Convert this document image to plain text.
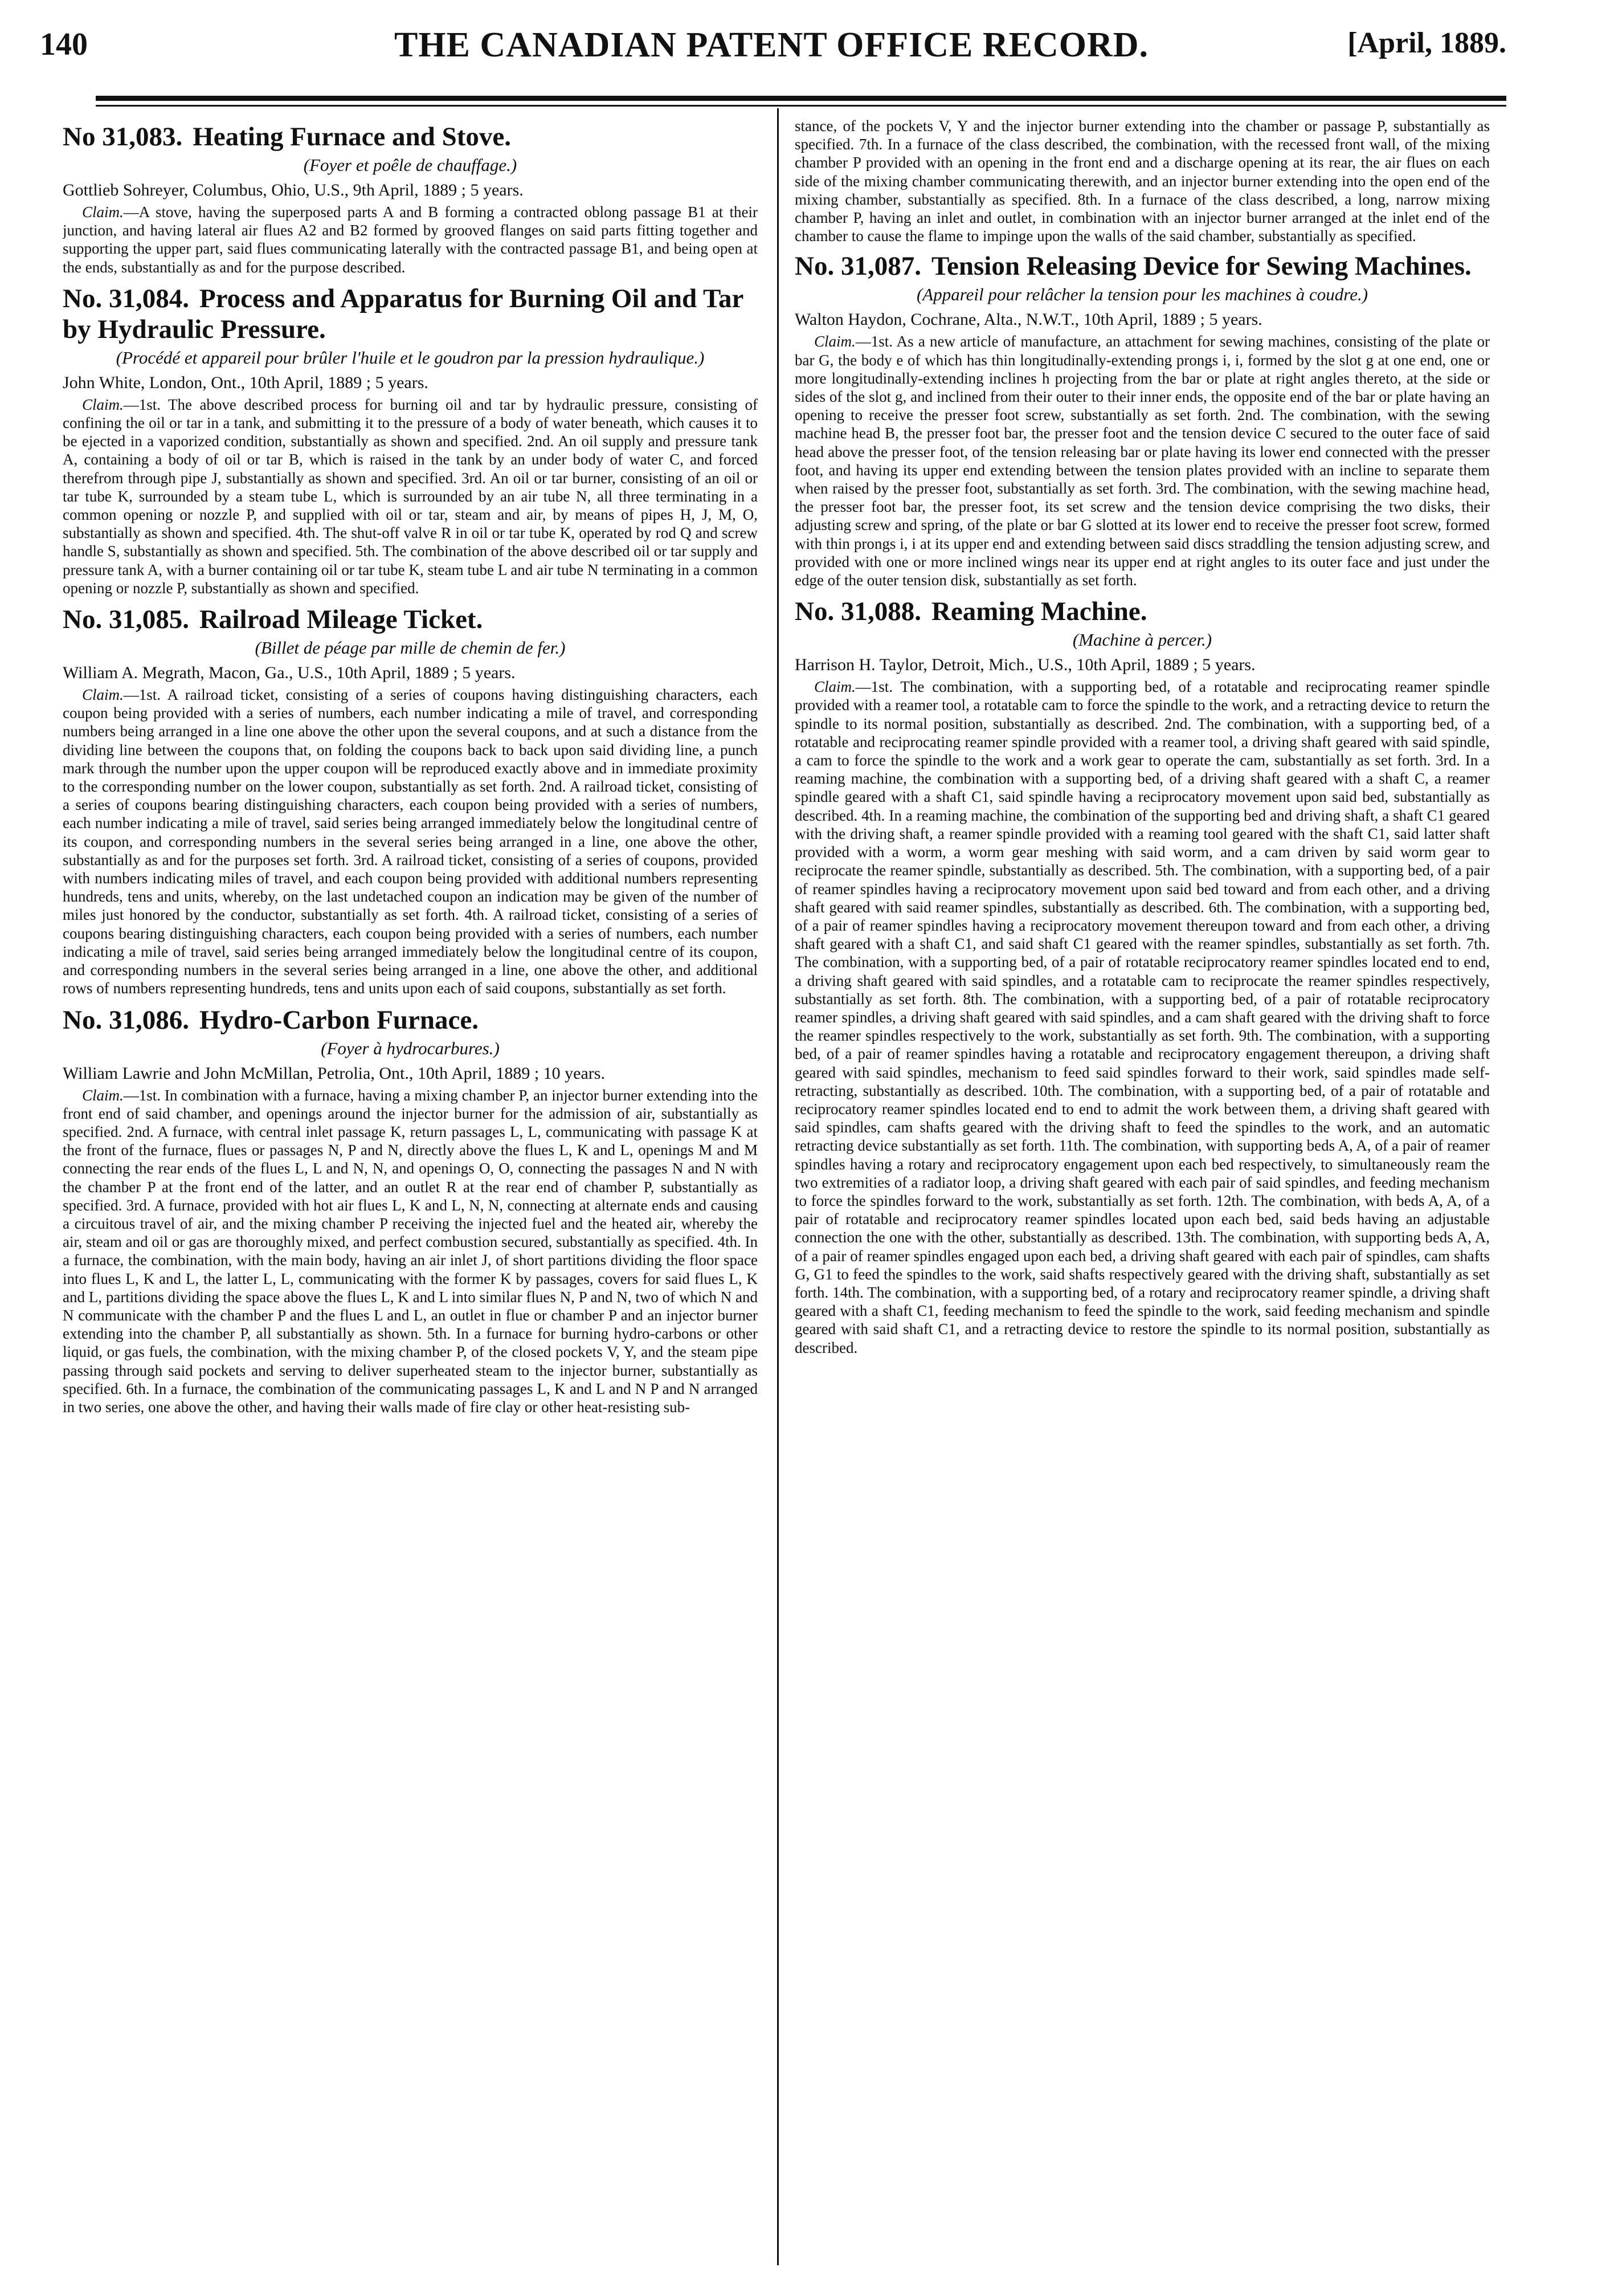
140	THE CANADIAN PATENT OFFICE RECORD.	[April, 1889.
No 31,083. Heating Furnace and Stove.
(Foyer et poêle de chauffage.)
Gottlieb Sohreyer, Columbus, Ohio, U.S., 9th April, 1889 ; 5 years.

Claim.—A stove, having the superposed parts A and B forming a contracted oblong passage B1 at their junction, and having lateral air flues A2 and B2 formed by grooved flanges on said parts fitting together and supporting the upper part, said flues communicating laterally with the contracted passage B1, and being open at the ends, substantially as and for the purpose described.

No. 31,084. Process and Apparatus for Burning Oil and Tar by Hydraulic Pressure.
(Procédé et appareil pour brûler l'huile et le goudron par la pression hydraulique.)
John White, London, Ont., 10th April, 1889 ; 5 years.

Claim.—1st. The above described process for burning oil and tar by hydraulic pressure, consisting of confining the oil or tar in a tank, and submitting it to the pressure of a body of water beneath, which causes it to be ejected in a vaporized condition, substantially as shown and specified. 2nd. An oil supply and pressure tank A, containing a body of oil or tar B, which is raised in the tank by an under body of water C, and forced therefrom through pipe J, substantially as shown and specified. 3rd. An oil or tar burner, consisting of an oil or tar tube K, surrounded by a steam tube L, which is surrounded by an air tube N, all three terminating in a common opening or nozzle P, and supplied with oil or tar, steam and air, by means of pipes H, J, M, O, substantially as shown and specified. 4th. The shut-off valve R in oil or tar tube K, operated by rod Q and screw handle S, substantially as shown and specified. 5th. The combination of the above described oil or tar supply and pressure tank A, with a burner containing oil or tar tube K, steam tube L and air tube N terminating in a common opening or nozzle P, substantially as shown and specified.

No. 31,085. Railroad Mileage Ticket.
(Billet de péage par mille de chemin de fer.)
William A. Megrath, Macon, Ga., U.S., 10th April, 1889 ; 5 years.

Claim.—1st. A railroad ticket, consisting of a series of coupons having distinguishing characters, each coupon being provided with a series of numbers, each number indicating a mile of travel, and corresponding numbers being arranged in a line one above the other upon the several coupons, and at such a distance from the dividing line between the coupons that, on folding the coupons back to back upon said dividing line, a punch mark through the number upon the upper coupon will be reproduced exactly above and in immediate proximity to the corresponding number on the lower coupon, substantially as set forth. 2nd. A railroad ticket, consisting of a series of coupons bearing distinguishing characters, each coupon being provided with a series of numbers, each number indicating a mile of travel, said series being arranged immediately below the longitudinal centre of its coupon, and corresponding numbers in the several series being arranged in a line, one above the other, substantially as and for the purposes set forth. 3rd. A railroad ticket, consisting of a series of coupons, provided with numbers indicating miles of travel, and each coupon being provided with additional numbers representing hundreds, tens and units, whereby, on the last undetached coupon an indication may be given of the number of miles just honored by the conductor, substantially as set forth. 4th. A railroad ticket, consisting of a series of coupons bearing distinguishing characters, each coupon being provided with a series of numbers, each number indicating a mile of travel, said series being arranged immediately below the longitudinal centre of its coupon, and corresponding numbers in the several series being arranged in a line, one above the other, and additional rows of numbers representing hundreds, tens and units upon each of said coupons, substantially as set forth.

No. 31,086. Hydro-Carbon Furnace.
(Foyer à hydrocarbures.)
William Lawrie and John McMillan, Petrolia, Ont., 10th April, 1889 ; 10 years.

Claim.—1st. In combination with a furnace, having a mixing chamber P, an injector burner extending into the front end of said chamber, and openings around the injector burner for the admission of air, substantially as specified. 2nd. A furnace, with central inlet passage K, return passages L, L, communicating with passage K at the front of the furnace, flues or passages N, P and N, directly above the flues L, K and L, openings M and M connecting the rear ends of the flues L, L and N, N, and openings O, O, connecting the passages N and N with the chamber P at the front end of the latter, and an outlet R at the rear end of chamber P, substantially as specified. 3rd. A furnace, provided with hot air flues L, K and L, N, N, connecting at alternate ends and causing a circuitous travel of air, and the mixing chamber P receiving the injected fuel and the heated air, whereby the air, steam and oil or gas are thoroughly mixed, and perfect combustion secured, substantially as specified. 4th. In a furnace, the combination, with the main body, having an air inlet J, of short partitions dividing the floor space into flues L, K and L, the latter L, L, communicating with the former K by passages, covers for said flues L, K and L, partitions dividing the space above the flues L, K and L into similar flues N, P and N, two of which N and N communicate with the chamber P and the flues L and L, an outlet in flue or chamber P and an injector burner extending into the chamber P, all substantially as shown. 5th. In a furnace for burning hydro-carbons or other liquid, or gas fuels, the combination, with the mixing chamber P, of the closed pockets V, Y, and the steam pipe passing through said pockets and serving to deliver superheated steam to the injector burner, substantially as specified. 6th. In a furnace, the combination of the communicating passages L, K and L and N P and N arranged in two series, one above the other, and having their walls made of fire clay or other heat-resisting sub-

stance, of the pockets V, Y and the injector burner extending into the chamber or passage P, substantially as specified. 7th. In a furnace of the class described, the combination, with the recessed front wall, of the mixing chamber P provided with an opening in the front end and a discharge opening at its rear, the air flues on each side of the mixing chamber communicating therewith, and an injector burner extending into the open end of the mixing chamber, substantially as specified. 8th. In a furnace of the class described, a long, narrow mixing chamber P, having an inlet and outlet, in combination with an injector burner arranged at the inlet end of the chamber to cause the flame to impinge upon the walls of the said chamber, substantially as specified.

No. 31,087. Tension Releasing Device for Sewing Machines.
(Appareil pour relâcher la tension pour les machines à coudre.)
Walton Haydon, Cochrane, Alta., N.W.T., 10th April, 1889 ; 5 years.

Claim.—1st. As a new article of manufacture, an attachment for sewing machines, consisting of the plate or bar G, the body e of which has thin longitudinally-extending prongs i, i, formed by the slot g at one end, one or more longitudinally-extending inclines h projecting from the bar or plate at right angles thereto, at the side or sides of the slot g, and inclined from their outer to their inner ends, the opposite end of the bar or plate having an opening to receive the presser foot screw, substantially as set forth. 2nd. The combination, with the sewing machine head B, the presser foot bar, the presser foot and the tension device C secured to the outer face of said head above the presser foot, of the tension releasing bar or plate having its lower end connected with the presser foot, and having its upper end extending between the tension plates provided with an incline to separate them when raised by the presser foot, substantially as set forth. 3rd. The combination, with the sewing machine head, the presser foot bar, the presser foot, its set screw and the tension device comprising the two disks, their adjusting screw and spring, of the plate or bar G slotted at its lower end to receive the presser foot screw, formed with thin prongs i, i at its upper end and extending between said discs straddling the tension adjusting screw, and provided with one or more inclined wings near its upper end at right angles to its outer face and just under the edge of the outer tension disk, substantially as set forth.

No. 31,088. Reaming Machine.
(Machine à percer.)
Harrison H. Taylor, Detroit, Mich., U.S., 10th April, 1889 ; 5 years.

Claim.—1st. The combination, with a supporting bed, of a rotatable and reciprocating reamer spindle provided with a reamer tool, a rotatable cam to force the spindle to the work, and a retracting device to return the spindle to its normal position, substantially as described. 2nd. The combination, with a supporting bed, of a rotatable and reciprocating reamer spindle provided with a reamer tool, a driving shaft geared with said spindle, a cam to force the spindle to the work and a work gear to operate the cam, substantially as set forth. 3rd. In a reaming machine, the combination with a supporting bed, of a driving shaft geared with a shaft C, a reamer spindle geared with a shaft C1, said spindle having a reciprocatory movement upon said bed, substantially as described. 4th. In a reaming machine, the combination of the supporting bed and driving shaft, a shaft C1 geared with the driving shaft, a reamer spindle provided with a reaming tool geared with the shaft C1, said latter shaft provided with a worm, a worm gear meshing with said worm, and a cam driven by said worm gear to reciprocate the reamer spindle, substantially as described. 5th. The combination, with a supporting bed, of a pair of reamer spindles having a reciprocatory movement upon said bed toward and from each other, and a driving shaft geared with said reamer spindles, substantially as described. 6th. The combination, with a supporting bed, of a pair of reamer spindles having a reciprocatory movement thereupon toward and from each other, a driving shaft geared with a shaft C1, and said shaft C1 geared with the reamer spindles, substantially as set forth. 7th. The combination, with a supporting bed, of a pair of rotatable reciprocatory reamer spindles located end to end, a driving shaft geared with said spindles, and a rotatable cam to reciprocate the reamer spindles respectively, substantially as set forth. 8th. The combination, with a supporting bed, of a pair of rotatable reciprocatory reamer spindles, a driving shaft geared with said spindles, and a cam shaft geared with the driving shaft to force the reamer spindles respectively to the work, substantially as set forth. 9th. The combination, with a supporting bed, of a pair of reamer spindles having a rotatable and reciprocatory engagement thereupon, a driving shaft geared with said spindles, mechanism to feed said spindles forward to their work, said spindles made self-retracting, substantially as described. 10th. The combination, with a supporting bed, of a pair of rotatable and reciprocatory reamer spindles located end to end to admit the work between them, a driving shaft geared with said spindles, cam shafts geared with the driving shaft to feed the spindles to the work, and an automatic retracting device substantially as set forth. 11th. The combination, with supporting beds A, A, of a pair of reamer spindles having a rotary and reciprocatory engagement upon each bed respectively, to simultaneously ream the two extremities of a radiator loop, a driving shaft geared with each pair of said spindles, and feeding mechanism to force the spindles forward to the work, substantially as set forth. 12th. The combination, with beds A, A, of a pair of rotatable and reciprocatory reamer spindles located upon each bed, said beds having an adjustable connection the one with the other, substantially as described. 13th. The combination, with supporting beds A, A, of a pair of reamer spindles engaged upon each bed, a driving shaft geared with each pair of spindles, cam shafts G, G1 to feed the spindles to the work, said shafts respectively geared with the driving shaft, substantially as set forth. 14th. The combination, with a supporting bed, of a rotary and reciprocatory reamer spindle, a driving shaft geared with a shaft C1, feeding mechanism to feed the spindle to the work, said feeding mechanism and spindle geared with said shaft C1, and a retracting device to restore the spindle to its normal position, substantially as described.
